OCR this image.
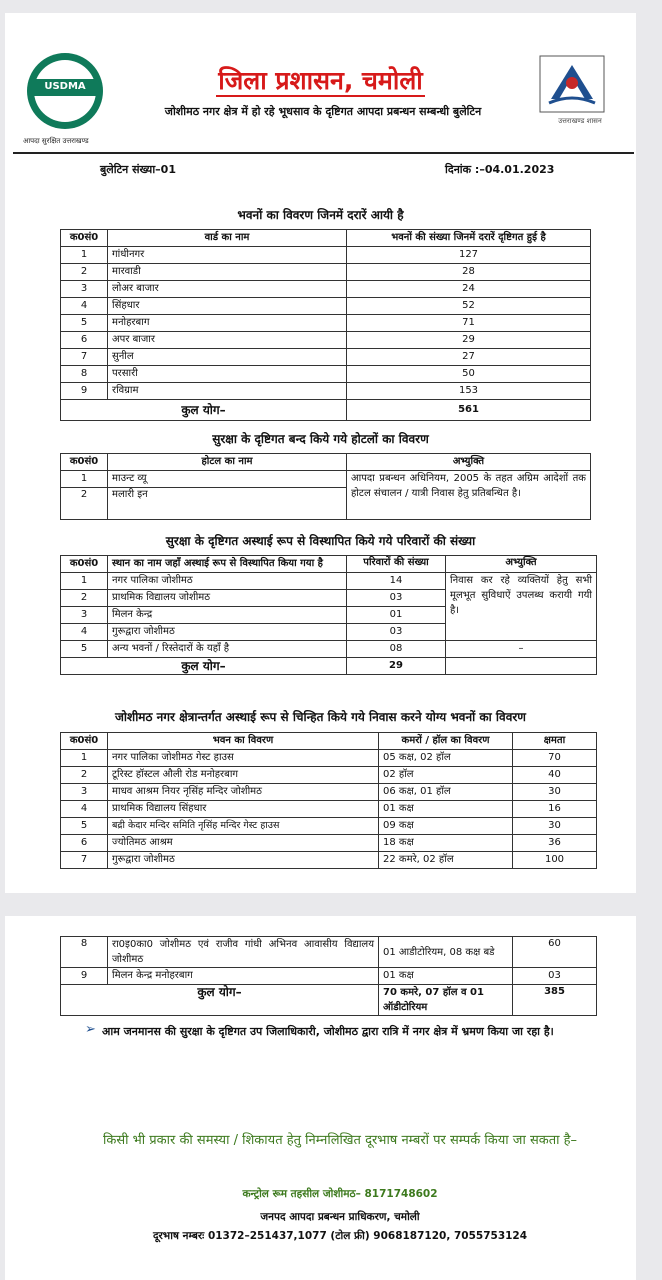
USDMA
आपदा सुरक्षित उत्तराखण्ड
उत्तराखण्ड शासन
जिला प्रशासन, चमोली
जोशीमठ नगर क्षेत्र में हो रहे भूधसाव के दृष्टिगत आपदा प्रबन्धन सम्बन्धी बुलेटिन
बुलेटिन संख्या–01	दिनांक :–04.01.2023
भवनों का विवरण जिनमें दरारें आयी है
क0सं0	वार्ड का नाम	भवनों की संख्या जिनमें दरारें दृष्टिगत हुई है
1	गांधीनगर	127
2	मारवाडी	28
3	लोअर बाजार	24
4	सिंहधार	52
5	मनोहरबाग	71
6	अपर बाजार	29
7	सुनील	27
8	परसारी	50
9	रविग्राम	153
कुल योग–		561
सुरक्षा के दृष्टिगत बन्द किये गये होटलों का विवरण
क0सं0	होटल का नाम	अभ्युक्ति
1	माउन्ट व्यू	आपदा प्रबन्धन अधिनियम, 2005 के तहत अग्रिम आदेशों तक होटल संचालन / यात्री निवास हेतु प्रतिबन्धित है।
2	मलारी इन	
सुरक्षा के दृष्टिगत अस्थाई रूप से विस्थापित किये गये परिवारों की संख्या
क0सं0	स्थान का नाम जहाँ अस्थाई रूप से विस्थापित किया गया है	परिवारों की संख्या	अभ्युक्ति
1	नगर पालिका जोशीमठ	14	निवास कर रहे व्यक्तियों हेतु सभी मूलभूत सुविधाऐं उपलब्ध करायी गयी है।
2	प्राथमिक विद्यालय जोशीमठ	03	
3	मिलन केन्द्र	01	
4	गुरूद्वारा जोशीमठ	03	
5	अन्य भवनों / रिस्तेदारों के यहाँ है	08	–
कुल योग–		29	
जोशीमठ नगर क्षेत्रान्तर्गत अस्थाई रूप से चिन्हित किये गये निवास करने योग्य भवनों का विवरण
क0सं0	भवन का विवरण	कमरों / हॉल का विवरण	क्षमता
1	नगर पालिका जोशीमठ गेस्ट हाउस	05 कक्ष, 02 हॉल	70
2	टूरिस्ट हॉस्टल औली रोड मनोहरबाग	02 हॉल	40
3	माधव आश्रम नियर नृसिंह मन्दिर जोशीमठ	06 कक्ष, 01 हॉल	30
4	प्राथमिक विद्यालय सिंहधार	01 कक्ष	16
5	बद्री केदार मन्दिर समिति नृसिंह मन्दिर गेस्ट हाउस	09 कक्ष	30
6	ज्योतिमठ आश्रम	18 कक्ष	36
7	गुरूद्वारा जोशीमठ	22 कमरे, 02 हॉल	100
8	रा0इ0का0 जोशीमठ एवं राजीव गांधी अभिनव आवासीय विद्यालय जोशीमठ	01 आडीटोरियम, 08 कक्ष बडे	60
9	मिलन केन्द्र मनोहरबाग	01 कक्ष	03
कुल योग–		70 कमरे, 07 हॉल व 01 ऑडीटोरियम	385
➢ आम जनमानस की सुरक्षा के दृष्टिगत उप जिलाधिकारी, जोशीमठ द्वारा रात्रि में नगर क्षेत्र में भ्रमण किया जा रहा है।
किसी भी प्रकार की समस्या / शिकायत हेतु निम्नलिखित दूरभाष नम्बरों पर सम्पर्क किया जा सकता है–
कन्ट्रोल रूम तहसील जोशीमठ– 8171748602
जनपद आपदा प्रबन्धन प्राधिकरण, चमोली
दूरभाष नम्बरः 01372–251437,1077 (टोल फ्री) 9068187120, 7055753124
